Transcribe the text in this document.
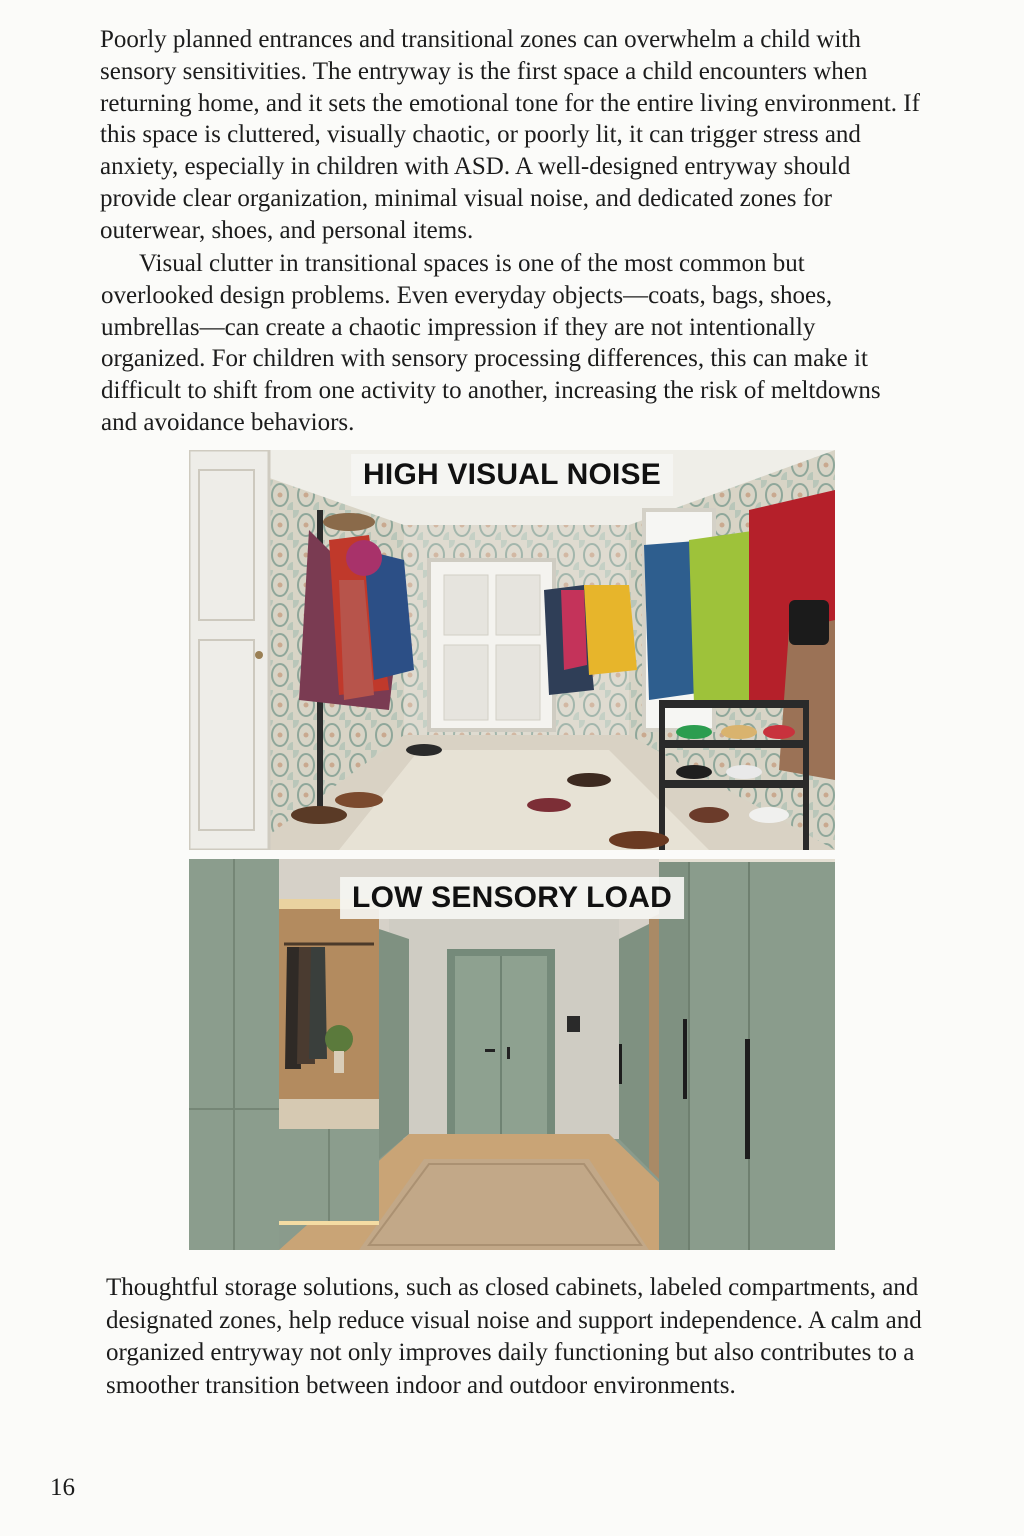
Poorly planned entrances and transitional zones can overwhelm a child with sensory sensitivities. The entryway is the first space a child encounters when returning home, and it sets the emotional tone for the entire living environment. If this space is cluttered, visually chaotic, or poorly lit, it can trigger stress and anxiety, especially in children with ASD. A well-designed entryway should provide clear organization, minimal visual noise, and dedicated zones for outerwear, shoes, and personal items.

Visual clutter in transitional spaces is one of the most common but overlooked design problems. Even everyday objects—coats, bags, shoes, umbrellas—can create a chaotic impression if they are not intentionally organized. For children with sensory processing differences, this can make it difficult to shift from one activity to another, increasing the risk of meltdowns and avoidance behaviors.

HIGH VISUAL NOISE
LOW SENSORY LOAD

Thoughtful storage solutions, such as closed cabinets, labeled compartments, and designated zones, help reduce visual noise and support independence. A calm and organized entryway not only improves daily functioning but also contributes to a smoother transition between indoor and outdoor environments.

16
